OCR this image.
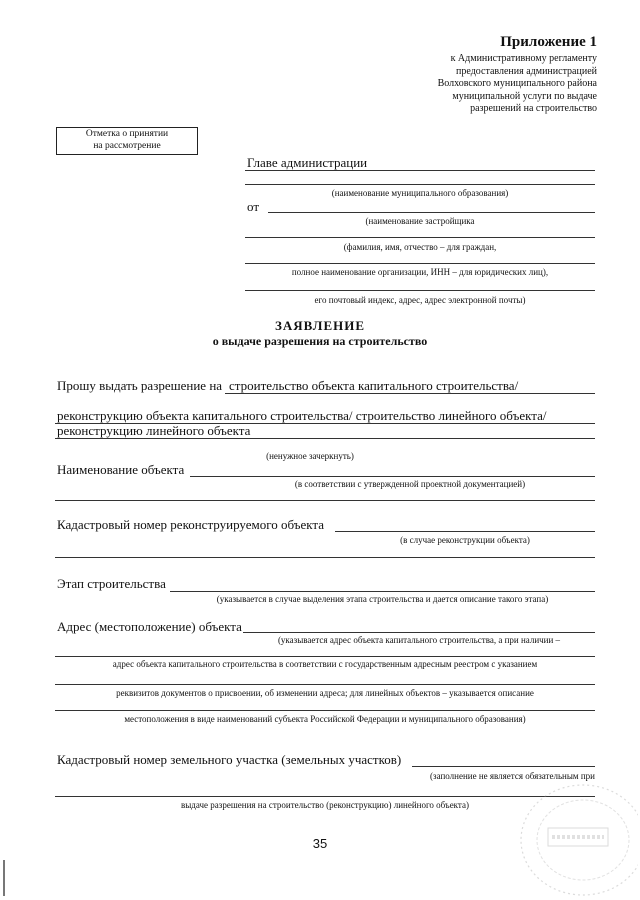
Приложение 1
к Административному регламенту
предоставления администрацией
Волховского муниципального района
муниципальной услуги по выдаче
разрешений на строительство
Отметка о принятии
на рассмотрение
Главе администрации
(наименование муниципального образования)
от
(наименование застройщика
(фамилия, имя, отчество – для граждан,
полное наименование организации, ИНН – для юридических лиц),
его почтовый индекс, адрес, адрес электронной почты)
ЗАЯВЛЕНИЕ
о выдаче разрешения на строительство
Прошу выдать разрешение на строительство объекта капитального строительства/
реконструкцию объекта капитального строительства/ строительство линейного объекта/
реконструкцию линейного объекта
(ненужное зачеркнуть)
Наименование объекта
(в соответствии с утвержденной проектной документацией)
Кадастровый номер реконструируемого объекта
(в случае реконструкции объекта)
Этап строительства
(указывается в случае выделения этапа строительства и дается описание такого этапа)
Адрес (местоположение) объекта
(указывается адрес объекта капитального строительства, а при наличии –
адрес объекта капитального строительства в соответствии с государственным адресным реестром с указанием
реквизитов документов о присвоении, об изменении адреса; для линейных объектов – указывается описание
местоположения в виде наименований субъекта Российской Федерации и муниципального образования)
Кадастровый номер земельного участка (земельных участков)
(заполнение не является обязательным при
выдаче разрешения на строительство (реконструкцию) линейного объекта)
35
